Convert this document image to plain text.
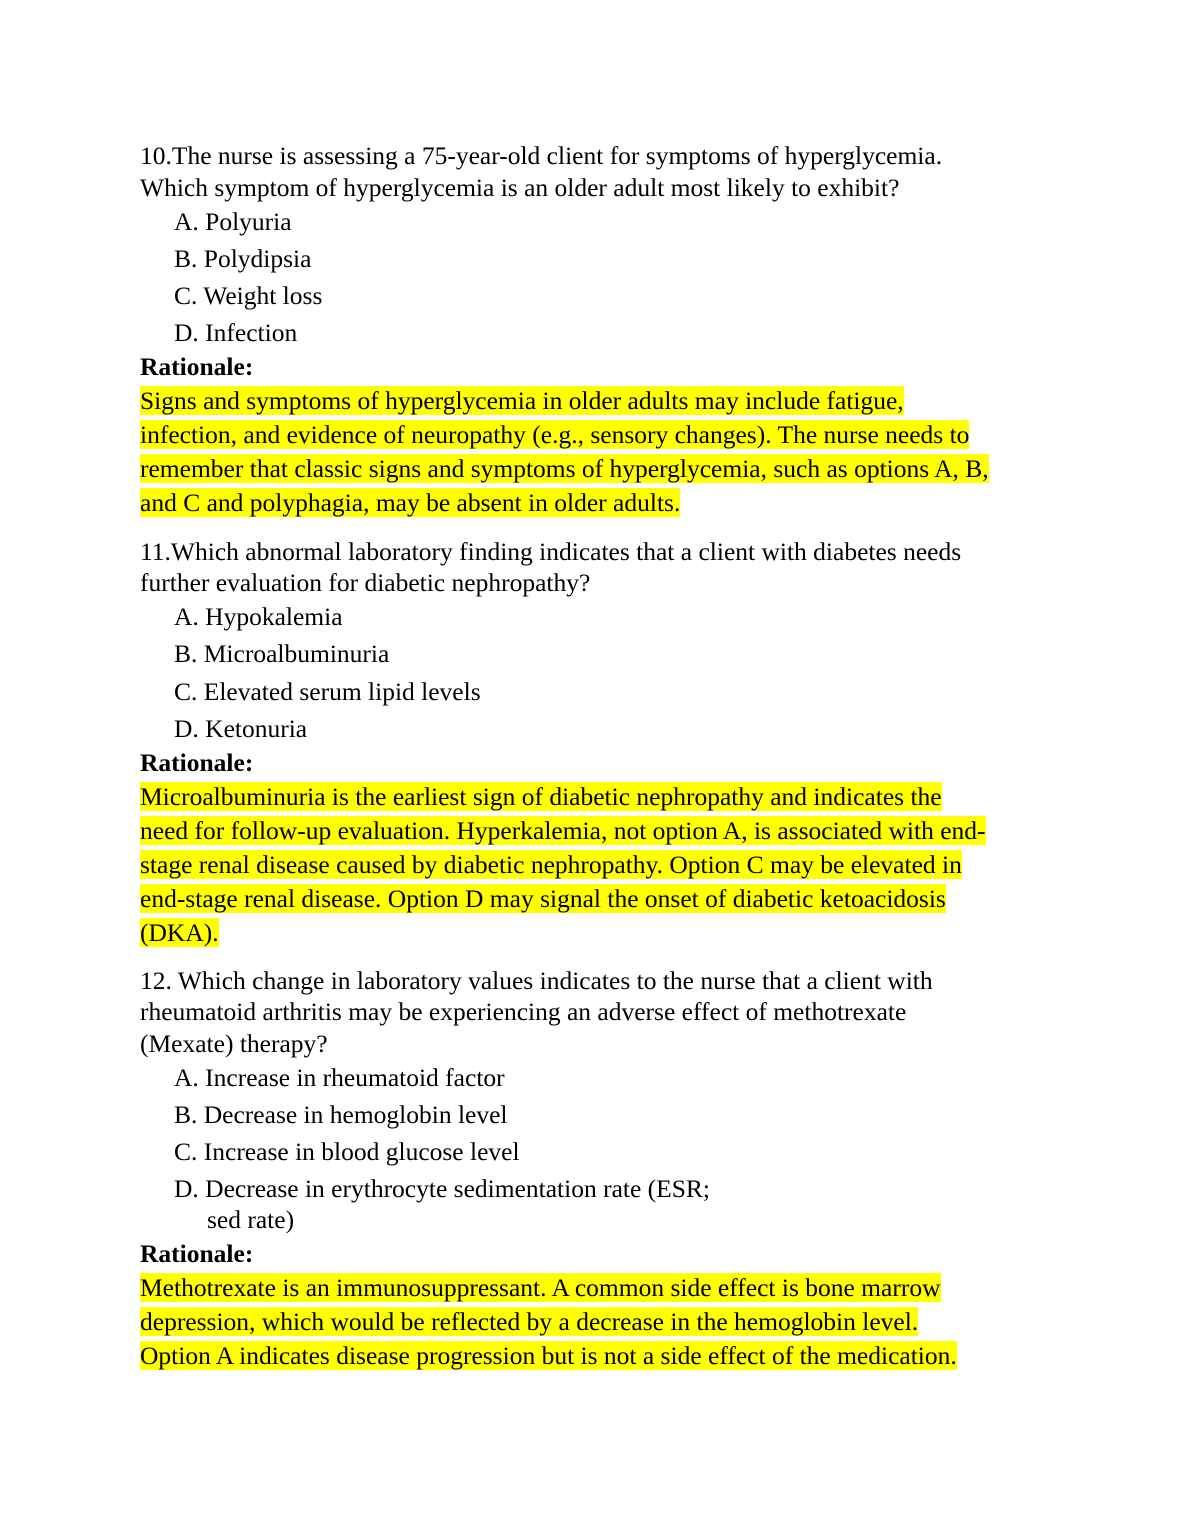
10.The nurse is assessing a 75-year-old client for symptoms of hyperglycemia.
Which symptom of hyperglycemia is an older adult most likely to exhibit?
A. Polyuria
B. Polydipsia
C. Weight loss
D. Infection
Rationale:
Signs and symptoms of hyperglycemia in older adults may include fatigue,
infection, and evidence of neuropathy (e.g., sensory changes). The nurse needs to
remember that classic signs and symptoms of hyperglycemia, such as options A, B,
and C and polyphagia, may be absent in older adults.
11.Which abnormal laboratory finding indicates that a client with diabetes needs
further evaluation for diabetic nephropathy?
A. Hypokalemia
B. Microalbuminuria
C. Elevated serum lipid levels
D. Ketonuria
Rationale:
Microalbuminuria is the earliest sign of diabetic nephropathy and indicates the
need for follow-up evaluation. Hyperkalemia, not option A, is associated with end-
stage renal disease caused by diabetic nephropathy. Option C may be elevated in
end-stage renal disease. Option D may signal the onset of diabetic ketoacidosis
(DKA).
12. Which change in laboratory values indicates to the nurse that a client with
rheumatoid arthritis may be experiencing an adverse effect of methotrexate
(Mexate) therapy?
A. Increase in rheumatoid factor
B. Decrease in hemoglobin level
C. Increase in blood glucose level
D. Decrease in erythrocyte sedimentation rate (ESR;
sed rate)
Rationale:
Methotrexate is an immunosuppressant. A common side effect is bone marrow
depression, which would be reflected by a decrease in the hemoglobin level.
Option A indicates disease progression but is not a side effect of the medication.
